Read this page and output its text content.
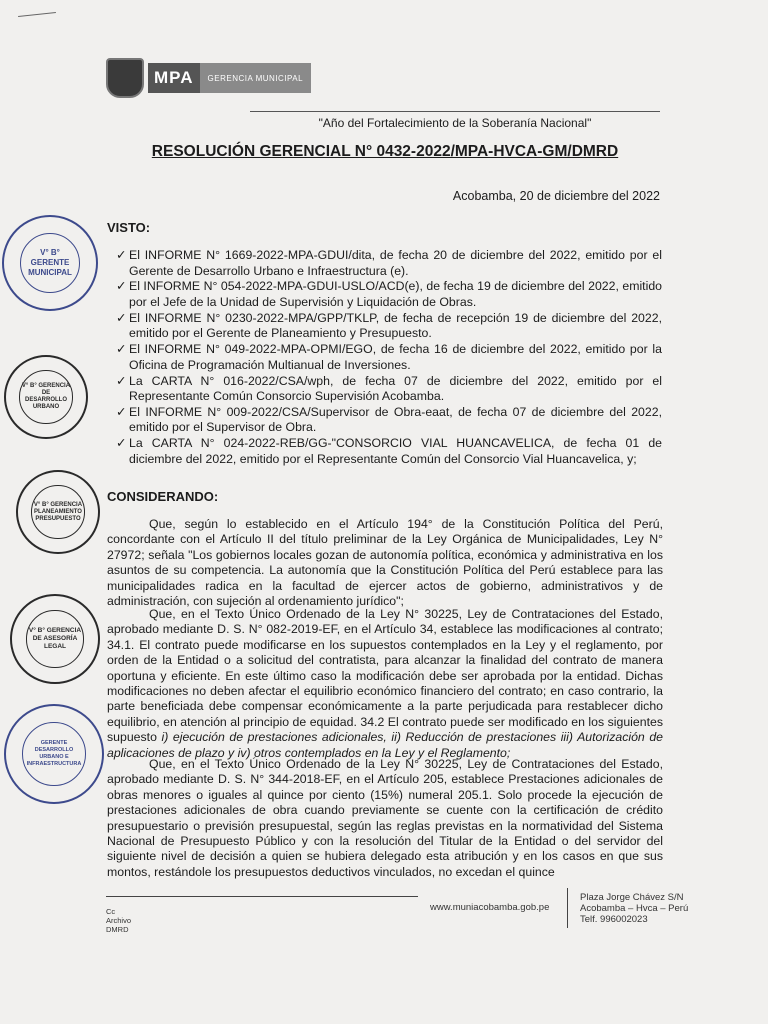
MPA	GERENCIA MUNICIPAL
"Año del Fortalecimiento de la Soberanía Nacional"
RESOLUCIÓN GERENCIAL N° 0432-2022/MPA-HVCA-GM/DMRD
Acobamba, 20 de diciembre del 2022
VISTO:
✓ El INFORME N° 1669-2022-MPA-GDUI/dita, de fecha 20 de diciembre del 2022, emitido por el Gerente de Desarrollo Urbano e Infraestructura (e).
✓ El INFORME N° 054-2022-MPA-GDUI-USLO/ACD(e), de fecha 19 de diciembre del 2022, emitido por el Jefe de la Unidad de Supervisión y Liquidación de Obras.
✓ El INFORME N° 0230-2022-MPA/GPP/TKLP, de fecha de recepción 19 de diciembre del 2022, emitido por el Gerente de Planeamiento y Presupuesto.
✓ El INFORME N° 049-2022-MPA-OPMI/EGO, de fecha 16 de diciembre del 2022, emitido por la Oficina de Programación Multianual de Inversiones.
✓ La CARTA N° 016-2022/CSA/wph, de fecha 07 de diciembre del 2022, emitido por el Representante Común Consorcio Supervisión Acobamba.
✓ El INFORME N° 009-2022/CSA/Supervisor de Obra-eaat, de fecha 07 de diciembre del 2022, emitido por el Supervisor de Obra.
✓ La CARTA N° 024-2022-REB/GG-"CONSORCIO VIAL HUANCAVELICA, de fecha 01 de diciembre del 2022, emitido por el Representante Común del Consorcio Vial Huancavelica, y;
CONSIDERANDO:

Que, según lo establecido en el Artículo 194° de la Constitución Política del Perú, concordante con el Artículo II del título preliminar de la Ley Orgánica de Municipalidades, Ley N° 27972; señala "Los gobiernos locales gozan de autonomía política, económica y administrativa en los asuntos de su competencia. La autonomía que la Constitución Política del Perú establece para las municipalidades radica en la facultad de ejercer actos de gobierno, administrativos y de administración, con sujeción al ordenamiento jurídico";

Que, en el Texto Único Ordenado de la Ley N° 30225, Ley de Contrataciones del Estado, aprobado mediante D. S. N° 082-2019-EF, en el Artículo 34, establece las modificaciones al contrato; 34.1. El contrato puede modificarse en los supuestos contemplados en la Ley y el reglamento, por orden de la Entidad o a solicitud del contratista, para alcanzar la finalidad del contrato de manera oportuna y eficiente. En este último caso la modificación debe ser aprobada por la entidad. Dichas modificaciones no deben afectar el equilibrio económico financiero del contrato; en caso contrario, la parte beneficiada debe compensar económicamente a la parte perjudicada para restablecer dicho equilibrio, en atención al principio de equidad. 34.2 El contrato puede ser modificado en los siguientes supuesto i) ejecución de prestaciones adicionales, ii) Reducción de prestaciones iii) Autorización de aplicaciones de plazo y iv) otros contemplados en la Ley y el Reglamento;

Que, en el Texto Único Ordenado de la Ley N° 30225, Ley de Contrataciones del Estado, aprobado mediante D. S. N° 344-2018-EF, en el Artículo 205, establece Prestaciones adicionales de obras menores o iguales al quince por ciento (15%) numeral 205.1. Solo procede la ejecución de prestaciones adicionales de obra cuando previamente se cuente con la certificación de crédito presupuestario o previsión presupuestal, según las reglas previstas en la normatividad del Sistema Nacional de Presupuesto Público y con la resolución del Titular de la Entidad o del servidor del siguiente nivel de decisión a quien se hubiera delegado esta atribución y en los casos en que sus montos, restándole los presupuestos deductivos vinculados, no excedan el quince

V° B° GERENTE MUNICIPAL
V° B° GERENCIA DE DESARROLLO URBANO
V° B° GERENCIA PLANEAMIENTO PRESUPUESTO
V° B° GERENCIA DE ASESORÍA LEGAL
GERENTE DESARROLLO URBANO E INFRAESTRUCTURA
Cc
Archivo
DMRD
www.muniacobamba.gob.pe
Plaza Jorge Chávez S/N
Acobamba – Hvca – Perú
Telf. 996002023
